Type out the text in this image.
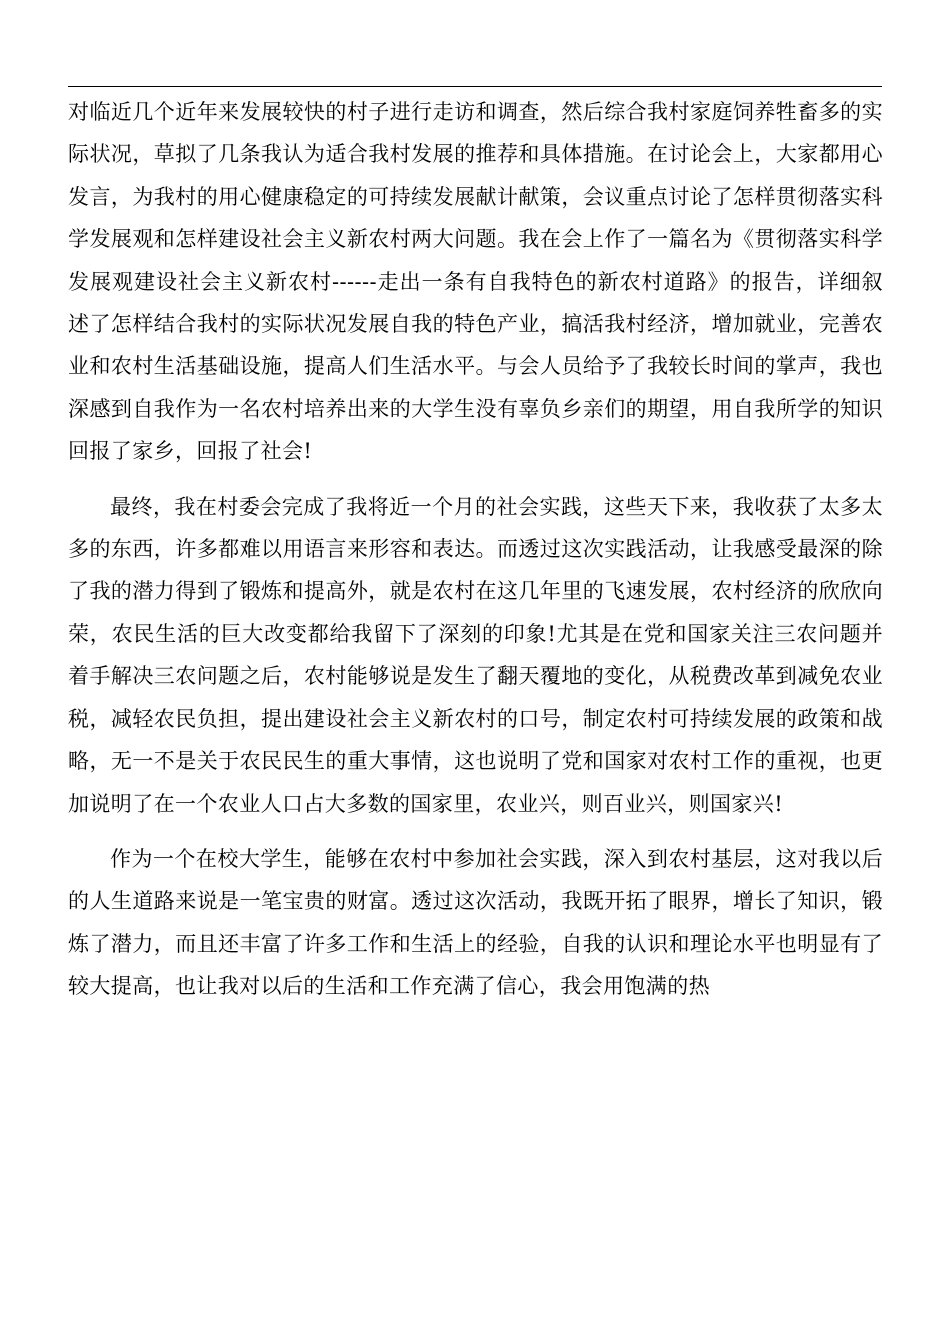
对临近几个近年来发展较快的村子进行走访和调查，然后综合我村家庭饲养牲畜多的实际状况，草拟了几条我认为适合我村发展的推荐和具体措施。在讨论会上，大家都用心发言，为我村的用心健康稳定的可持续发展献计献策，会议重点讨论了怎样贯彻落实科学发展观和怎样建设社会主义新农村两大问题。我在会上作了一篇名为《贯彻落实科学发展观建设社会主义新农村------走出一条有自我特色的新农村道路》的报告，详细叙述了怎样结合我村的实际状况发展自我的特色产业，搞活我村经济，增加就业，完善农业和农村生活基础设施，提高人们生活水平。与会人员给予了我较长时间的掌声，我也深感到自我作为一名农村培养出来的大学生没有辜负乡亲们的期望，用自我所学的知识回报了家乡，回报了社会!

最终，我在村委会完成了我将近一个月的社会实践，这些天下来，我收获了太多太多的东西，许多都难以用语言来形容和表达。而透过这次实践活动，让我感受最深的除了我的潜力得到了锻炼和提高外，就是农村在这几年里的飞速发展，农村经济的欣欣向荣，农民生活的巨大改变都给我留下了深刻的印象!尤其是在党和国家关注三农问题并着手解决三农问题之后，农村能够说是发生了翻天覆地的变化，从税费改革到减免农业税，减轻农民负担，提出建设社会主义新农村的口号，制定农村可持续发展的政策和战略，无一不是关于农民民生的重大事情，这也说明了党和国家对农村工作的重视，也更加说明了在一个农业人口占大多数的国家里，农业兴，则百业兴，则国家兴!

作为一个在校大学生，能够在农村中参加社会实践，深入到农村基层，这对我以后的人生道路来说是一笔宝贵的财富。透过这次活动，我既开拓了眼界，增长了知识，锻炼了潜力，而且还丰富了许多工作和生活上的经验，自我的认识和理论水平也明显有了较大提高，也让我对以后的生活和工作充满了信心，我会用饱满的热
